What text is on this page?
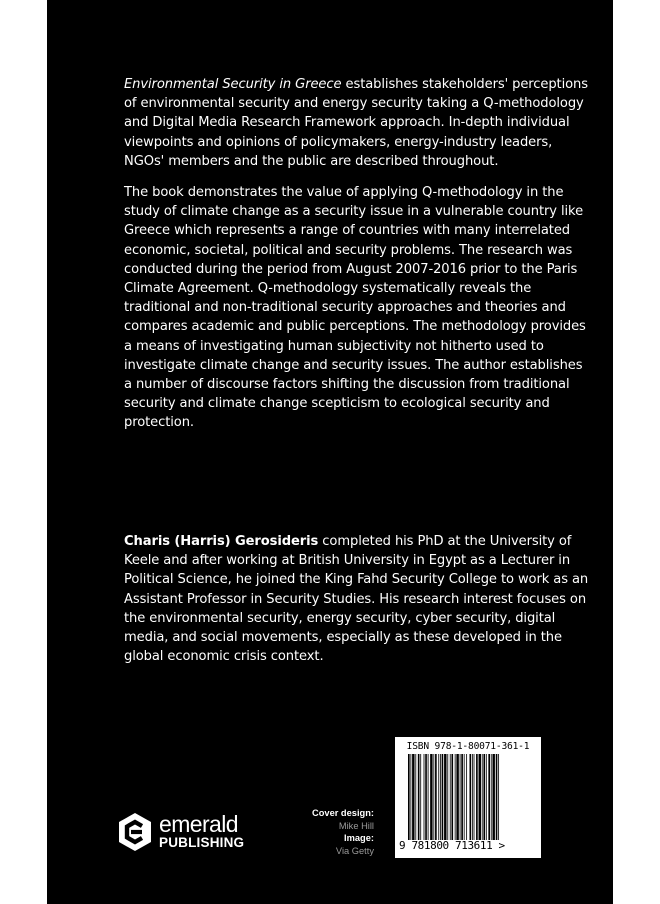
Environmental Security in Greece establishes stakeholders' perceptions of environmental security and energy security taking a Q-methodology and Digital Media Research Framework approach. In-depth individual viewpoints and opinions of policymakers, energy-industry leaders, NGOs' members and the public are described throughout.

The book demonstrates the value of applying Q-methodology in the study of climate change as a security issue in a vulnerable country like Greece which represents a range of countries with many interrelated economic, societal, political and security problems. The research was conducted during the period from August 2007-2016 prior to the Paris Climate Agreement. Q-methodology systematically reveals the traditional and non-traditional security approaches and theories and compares academic and public perceptions. The methodology provides a means of investigating human subjectivity not hitherto used to investigate climate change and security issues. The author establishes a number of discourse factors shifting the discussion from traditional security and climate change scepticism to ecological security and protection.

Charis (Harris) Gerosideris completed his PhD at the University of Keele and after working at British University in Egypt as a Lecturer in Political Science, he joined the King Fahd Security College to work as an Assistant Professor in Security Studies. His research interest focuses on the environmental security, energy security, cyber security, digital media, and social movements, especially as these developed in the global economic crisis context.

emerald
PUBLISHING
Cover design:
Mike Hill
Image:
Via Getty
ISBN 978-1-80071-361-1
9 781800 713611 >
